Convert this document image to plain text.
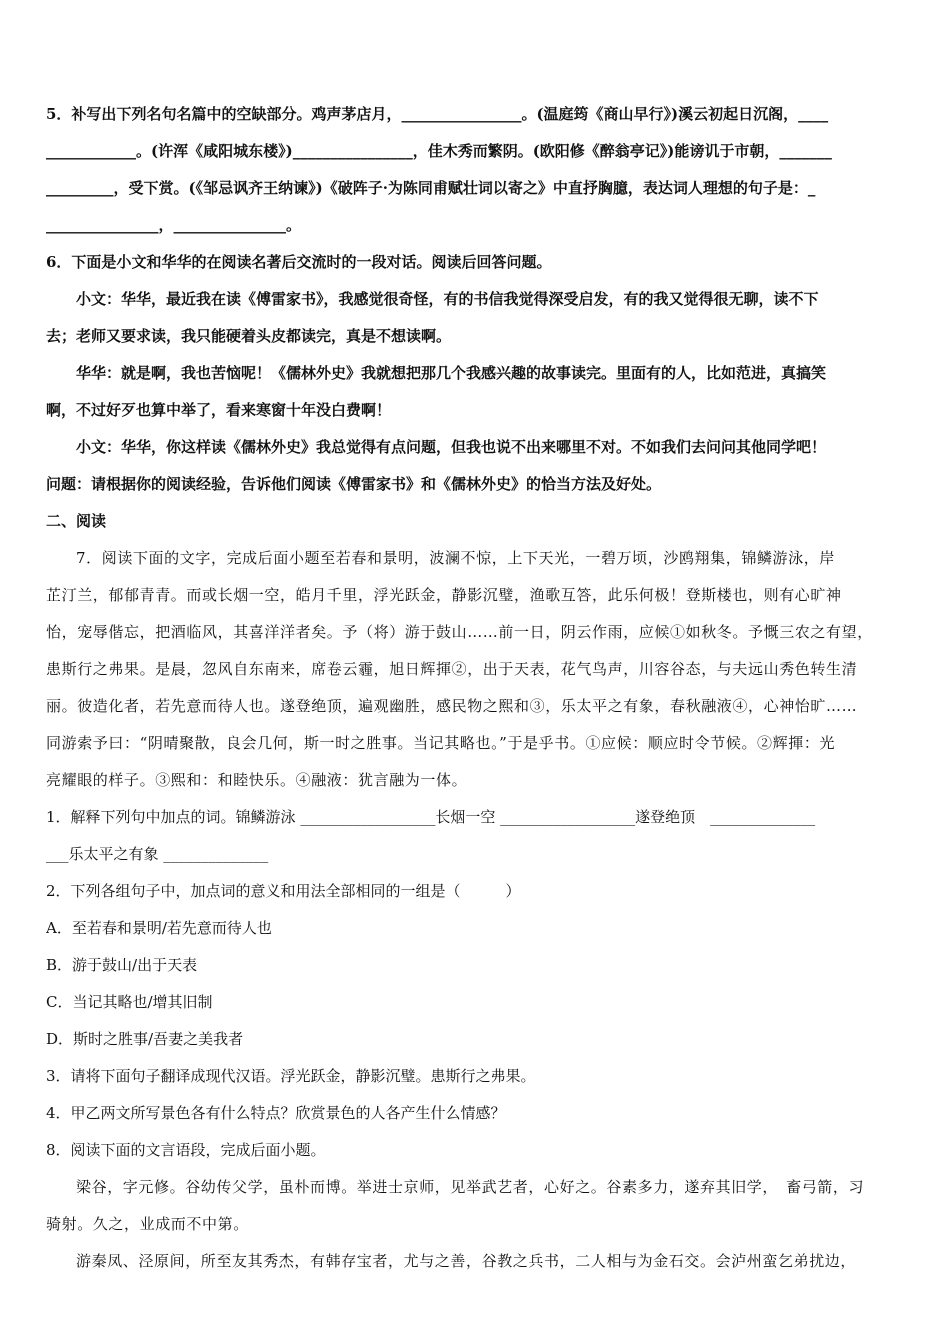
5．补写出下列名句名篇中的空缺部分。鸡声茅店月，________________。(温庭筠《商山早行》)溪云初起日沉阁，____
____________。(许浑《咸阳城东楼》)________________，佳木秀而繁阴。(欧阳修《醉翁亭记》)能谤讥于市朝，_______
_________，受下赏。(《邹忌讽齐王纳谏》)《破阵子·为陈同甫赋壮词以寄之》中直抒胸臆，表达词人理想的句子是：_
_______________，_______________。
6．下面是小文和华华的在阅读名著后交流时的一段对话。阅读后回答问题。
小文：华华，最近我在读《傅雷家书》，我感觉很奇怪，有的书信我觉得深受启发，有的我又觉得很无聊，读不下
去；老师又要求读，我只能硬着头皮都读完，真是不想读啊。
华华：就是啊，我也苦恼呢！《儒林外史》我就想把那几个我感兴趣的故事读完。里面有的人，比如范进，真搞笑
啊，不过好歹也算中举了，看来寒窗十年没白费啊！
小文：华华，你这样读《儒林外史》我总觉得有点问题，但我也说不出来哪里不对。不如我们去问问其他同学吧！
问题：请根据你的阅读经验，告诉他们阅读《傅雷家书》和《儒林外史》的恰当方法及好处。
二、阅读
7．阅读下面的文字，完成后面小题至若春和景明，波澜不惊，上下天光，一碧万顷，沙鸥翔集，锦鳞游泳，岸
芷汀兰，郁郁青青。而或长烟一空，皓月千里，浮光跃金，静影沉璧，渔歌互答，此乐何极！登斯楼也，则有心旷神
怡，宠辱偕忘，把酒临风，其喜洋洋者矣。予（将）游于鼓山……前一日，阴云作雨，应候①如秋冬。予慨三农之有望，
患斯行之弗果。是晨，忽风自东南来，席卷云霾，旭日辉揮②，出于天表，花气鸟声，川容谷态，与夫远山秀色转生清
丽。彼造化者，若先意而待人也。遂登绝顶，遍观幽胜，感民物之熙和③，乐太平之有象，春秋融液④，心神怡旷……
同游索予曰：“阴晴聚散，良会几何，斯一时之胜事。当记其略也。”于是乎书。①应候：顺应时令节候。②辉揮：光
亮耀眼的样子。③熙和：和睦快乐。④融液：犹言融为一体。
1．解释下列句中加点的词。锦鳞游泳 __________________长烟一空 __________________遂登绝顶　______________
___乐太平之有象 ______________
2．下列各组句子中，加点词的意义和用法全部相同的一组是（　　　）
A．至若春和景明/若先意而待人也
B．游于鼓山/出于天表
C．当记其略也/增其旧制
D．斯时之胜事/吾妻之美我者
3．请将下面句子翻译成现代汉语。浮光跃金，静影沉璧。患斯行之弗果。
4．甲乙两文所写景色各有什么特点？欣赏景色的人各产生什么情感？
8．阅读下面的文言语段，完成后面小题。
梁谷，字元修。谷幼传父学，虽朴而博。举进士京师，见举武艺者，心好之。谷素多力，遂弃其旧学，　畜弓箭，习
骑射。久之，业成而不中第。
游秦凤、泾原间，所至友其秀杰，有韩存宝者，尤与之善，谷教之兵书，二人相与为金石交。会泸州蛮乞弟扰边，
